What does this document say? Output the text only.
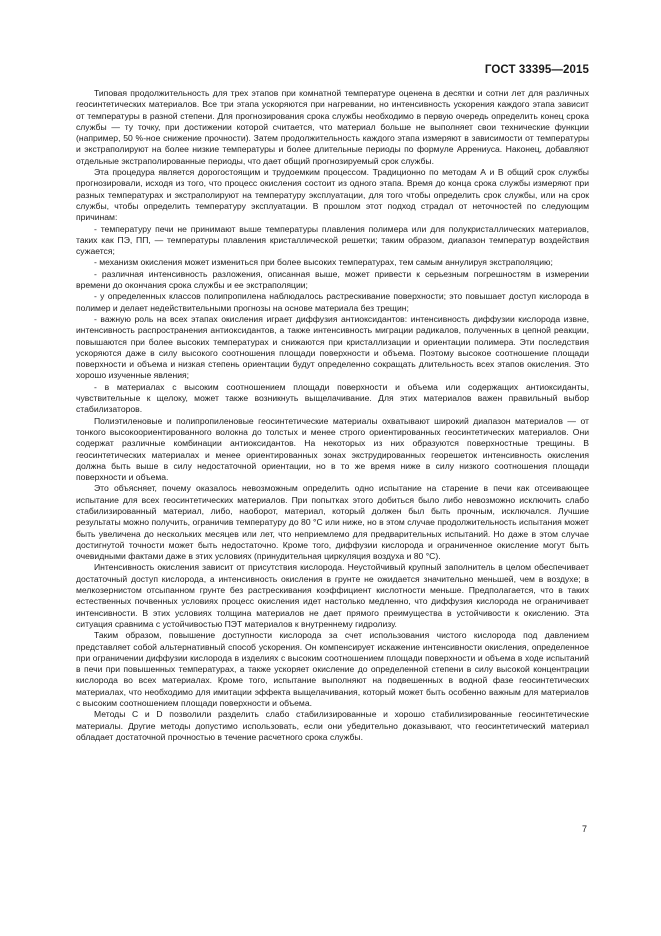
ГОСТ 33395—2015

Типовая продолжительность для трех этапов при комнатной температуре оценена в десятки и сотни лет для различных геосинтетических материалов. Все три этапа ускоряются при нагревании, но интенсивность ускорения каждого этапа зависит от температуры в разной степени. Для прогнозирования срока службы необходимо в первую очередь определить конец срока службы — ту точку, при достижении которой считается, что материал больше не выполняет свои технические функции (например, 50 %-ное снижение прочности). Затем продолжительность каждого этапа измеряют в зависимости от температуры и экстраполируют на более низкие температуры и более длительные периоды по формуле Аррениуса. Наконец, добавляют отдельные экстраполированные периоды, что дает общий прогнозируемый срок службы.

Эта процедура является дорогостоящим и трудоемким процессом. Традиционно по методам А и В общий срок службы прогнозировали, исходя из того, что процесс окисления состоит из одного этапа. Время до конца срока службы измеряют при разных температурах и экстраполируют на температуру эксплуатации, для того чтобы определить срок службы, или на срок службы, чтобы определить температуру эксплуатации. В прошлом этот подход страдал от неточностей по следующим причинам:

- температуру печи не принимают выше температуры плавления полимера или для полукристаллических материалов, таких как ПЭ, ПП, — температуры плавления кристаллической решетки; таким образом, диапазон температур воздействия сужается;

- механизм окисления может измениться при более высоких температурах, тем самым аннулируя экстраполяцию;

- различная интенсивность разложения, описанная выше, может привести к серьезным погрешностям в измерении времени до окончания срока службы и ее экстраполяции;

- у определенных классов полипропилена наблюдалось растрескивание поверхности; это повышает доступ кислорода в полимер и делает недействительными прогнозы на основе материала без трещин;

- важную роль на всех этапах окисления играет диффузия антиоксидантов: интенсивность диффузии кислорода извне, интенсивность распространения антиоксидантов, а также интенсивность миграции радикалов, полученных в цепной реакции, повышаются при более высоких температурах и снижаются при кристаллизации и ориентации полимера. Эти последствия ускоряются даже в силу высокого соотношения площади поверхности и объема. Поэтому высокое соотношение площади поверхности и объема и низкая степень ориентации будут определенно сокращать длительность всех этапов окисления. Это хорошо изученные явления;

- в материалах с высоким соотношением площади поверхности и объема или содержащих антиоксиданты, чувствительные к щелоку, может также возникнуть выщелачивание. Для этих материалов важен правильный выбор стабилизаторов.

Полиэтиленовые и полипропиленовые геосинтетические материалы охватывают широкий диапазон материалов — от тонкого высокоориентированного волокна до толстых и менее строго ориентированных геосинтетических материалов. Они содержат различные комбинации антиоксидантов. На некоторых из них образуются поверхностные трещины. В геосинтетических материалах и менее ориентированных зонах экструдированных георешеток интенсивность окисления должна быть выше в силу недостаточной ориентации, но в то же время ниже в силу низкого соотношения площади поверхности и объема.

Это объясняет, почему оказалось невозможным определить одно испытание на старение в печи как отсеивающее испытание для всех геосинтетических материалов. При попытках этого добиться было либо невозможно исключить слабо стабилизированный материал, либо, наоборот, материал, который должен был быть прочным, исключался. Лучшие результаты можно получить, ограничив температуру до 80 °С или ниже, но в этом случае продолжительность испытания может быть увеличена до нескольких месяцев или лет, что неприемлемо для предварительных испытаний. Но даже в этом случае достигнутой точности может быть недостаточно. Кроме того, диффузии кислорода и ограниченное окисление могут быть очевидными фактами даже в этих условиях (принудительная циркуляция воздуха и 80 °С).

Интенсивность окисления зависит от присутствия кислорода. Неустойчивый крупный заполнитель в целом обеспечивает достаточный доступ кислорода, а интенсивность окисления в грунте не ожидается значительно меньшей, чем в воздухе; в мелкозернистом отсыпанном грунте без растрескивания коэффициент кислотности меньше. Предполагается, что в таких естественных почвенных условиях процесс окисления идет настолько медленно, что диффузия кислорода не ограничивает интенсивности. В этих условиях толщина материалов не дает прямого преимущества в устойчивости к окислению. Эта ситуация сравнима с устойчивостью ПЭТ материалов к внутреннему гидролизу.

Таким образом, повышение доступности кислорода за счет использования чистого кислорода под давлением представляет собой альтернативный способ ускорения. Он компенсирует искажение интенсивности окисления, определенное при ограничении диффузии кислорода в изделиях с высоким соотношением площади поверхности и объема в ходе испытаний в печи при повышенных температурах, а также ускоряет окисление до определенной степени в силу высокой концентрации кислорода во всех материалах. Кроме того, испытание выполняют на подвешенных в водной фазе геосинтетических материалах, что необходимо для имитации эффекта выщелачивания, который может быть особенно важным для материалов с высоким соотношением площади поверхности и объема.

Методы С и D позволили разделить слабо стабилизированные и хорошо стабилизированные геосинтетические материалы. Другие методы допустимо использовать, если они убедительно доказывают, что геосинтетический материал обладает достаточной прочностью в течение расчетного срока службы.

7
